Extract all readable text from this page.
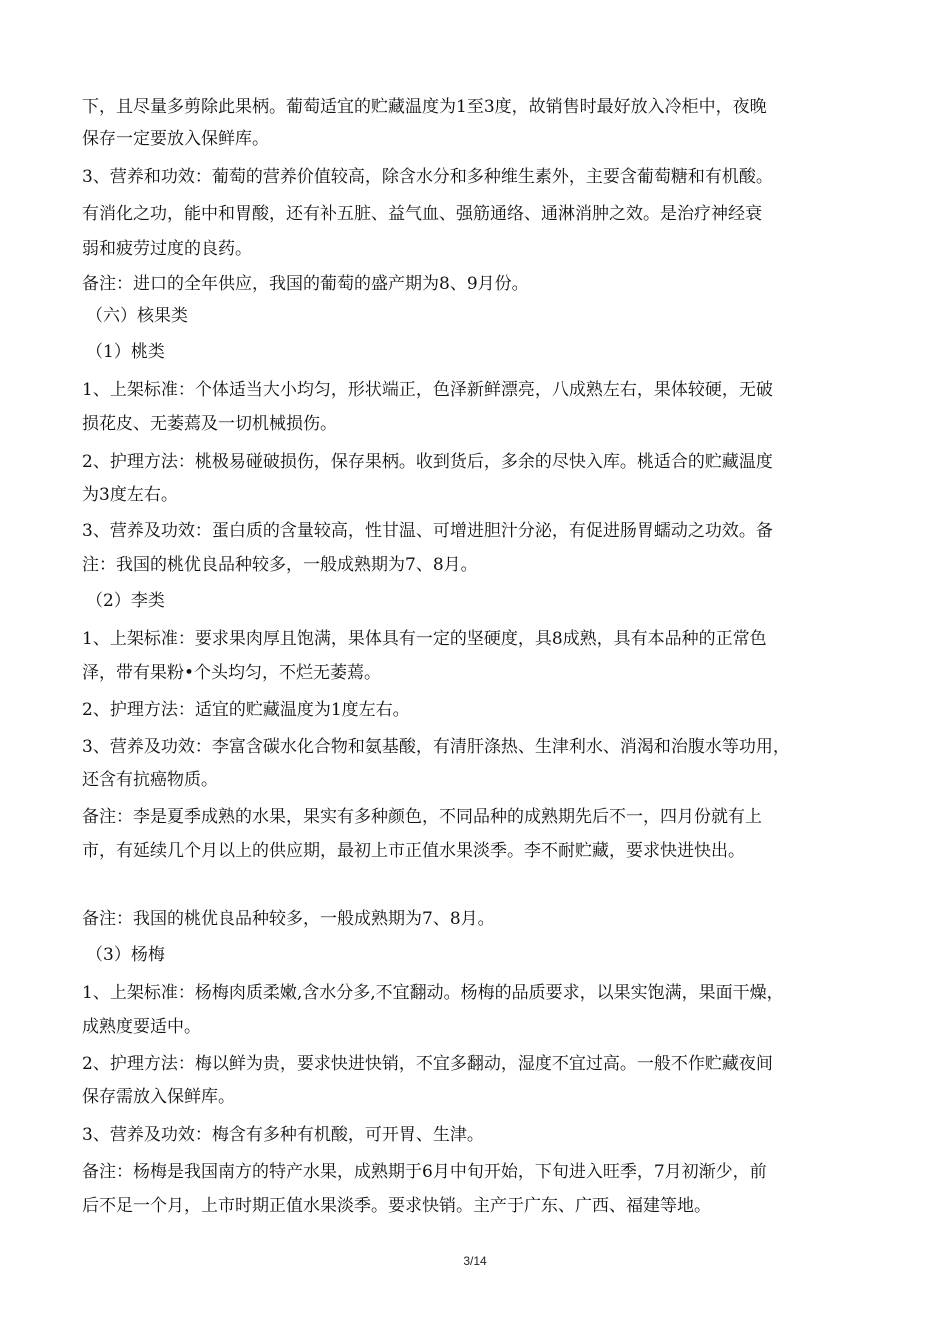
下，且尽量多剪除此果柄。葡萄适宜的贮藏温度为1至3度，故销售时最好放入冷柜中，夜晚
保存一定要放入保鲜库。
3、营养和功效：葡萄的营养价值较高，除含水分和多种维生素外，主要含葡萄糖和有机酸。
有消化之功，能中和胃酸，还有补五脏、益气血、强筋通络、通淋消肿之效。是治疗神经衰
弱和疲劳过度的良药。
备注：进口的全年供应，我国的葡萄的盛产期为8、9月份。
（六）核果类
（1）桃类
1、上架标准：个体适当大小均匀，形状端正，色泽新鲜漂亮，八成熟左右，果体较硬，无破
损花皮、无萎蔫及一切机械损伤。
2、护理方法：桃极易碰破损伤，保存果柄。收到货后，多余的尽快入库。桃适合的贮藏温度
为3度左右。
3、营养及功效：蛋白质的含量较高，性甘温、可增进胆汁分泌，有促进肠胃蠕动之功效。备
注：我国的桃优良品种较多，一般成熟期为7、8月。
（2）李类
1、上架标准：要求果肉厚且饱满，果体具有一定的坚硬度，具8成熟，具有本品种的正常色
泽，带有果粉•个头均匀，不烂无萎蔫。
2、护理方法：适宜的贮藏温度为1度左右。
3、营养及功效：李富含碳水化合物和氨基酸，有清肝涤热、生津利水、消渴和治腹水等功用，
还含有抗癌物质。
备注：李是夏季成熟的水果，果实有多种颜色，不同品种的成熟期先后不一，四月份就有上
市，有延续几个月以上的供应期，最初上市正值水果淡季。李不耐贮藏，要求快进快出。
备注：我国的桃优良品种较多，一般成熟期为7、8月。
（3）杨梅
1、上架标准：杨梅肉质柔嫩,含水分多,不宜翻动。杨梅的品质要求，以果实饱满，果面干燥，
成熟度要适中。
2、护理方法：梅以鲜为贵，要求快进快销，不宜多翻动，湿度不宜过高。一般不作贮藏夜间
保存需放入保鲜库。
3、营养及功效：梅含有多种有机酸，可开胃、生津。
备注：杨梅是我国南方的特产水果，成熟期于6月中旬开始，下旬进入旺季，7月初渐少，前
后不足一个月，上市时期正值水果淡季。要求快销。主产于广东、广西、福建等地。
3/14
